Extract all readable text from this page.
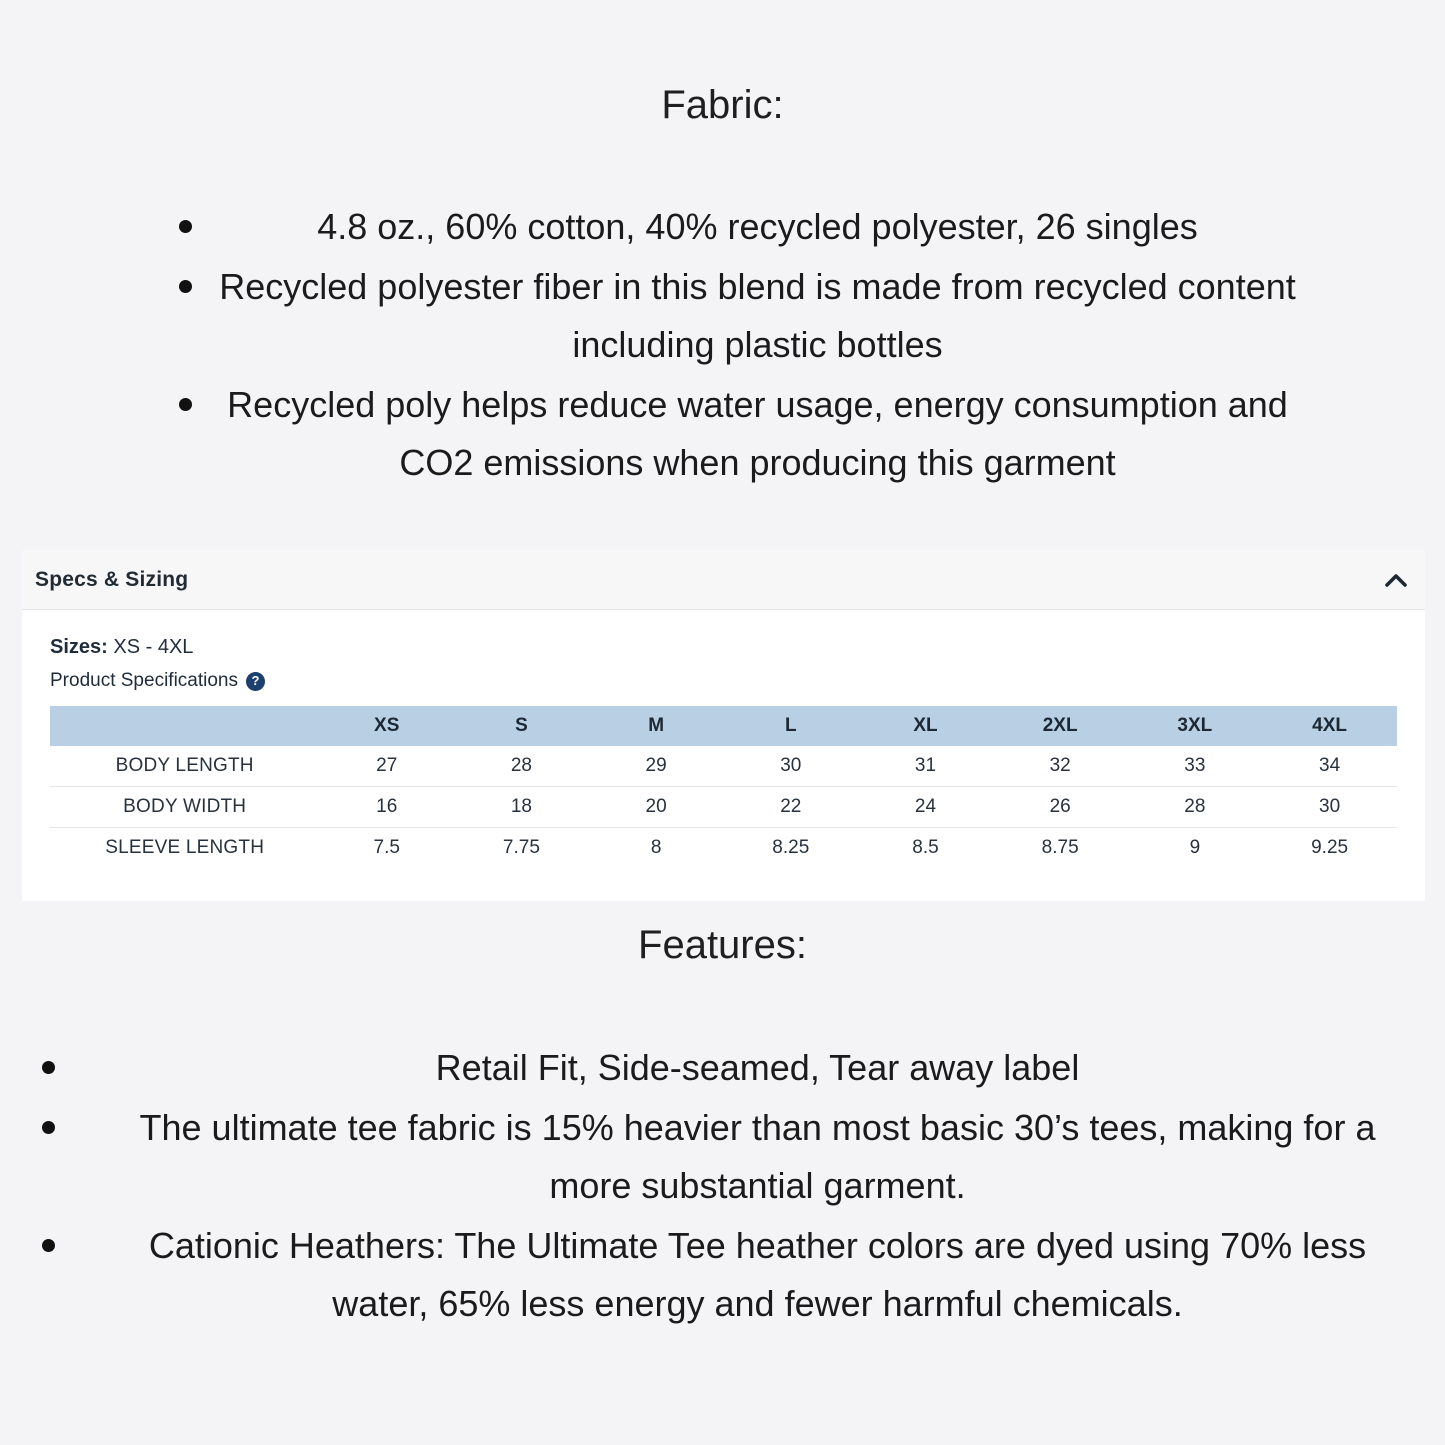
Fabric:
4.8 oz., 60% cotton, 40% recycled polyester, 26 singles
Recycled polyester fiber in this blend is made from recycled content including plastic bottles
Recycled poly helps reduce water usage, energy consumption and CO2 emissions when producing this garment
Specs & Sizing

Sizes: XS - 4XL

Product Specifications	?

	XS	S	M	L	XL	2XL	3XL	4XL
BODY LENGTH	27	28	29	30	31	32	33	34
BODY WIDTH	16	18	20	22	24	26	28	30
SLEEVE LENGTH	7.5	7.75	8	8.25	8.5	8.75	9	9.25
Features:
Retail Fit, Side-seamed, Tear away label
The ultimate tee fabric is 15% heavier than most basic 30’s tees, making for a more substantial garment.
Cationic Heathers: The Ultimate Tee heather colors are dyed using 70% less water, 65% less energy and fewer harmful chemicals.
